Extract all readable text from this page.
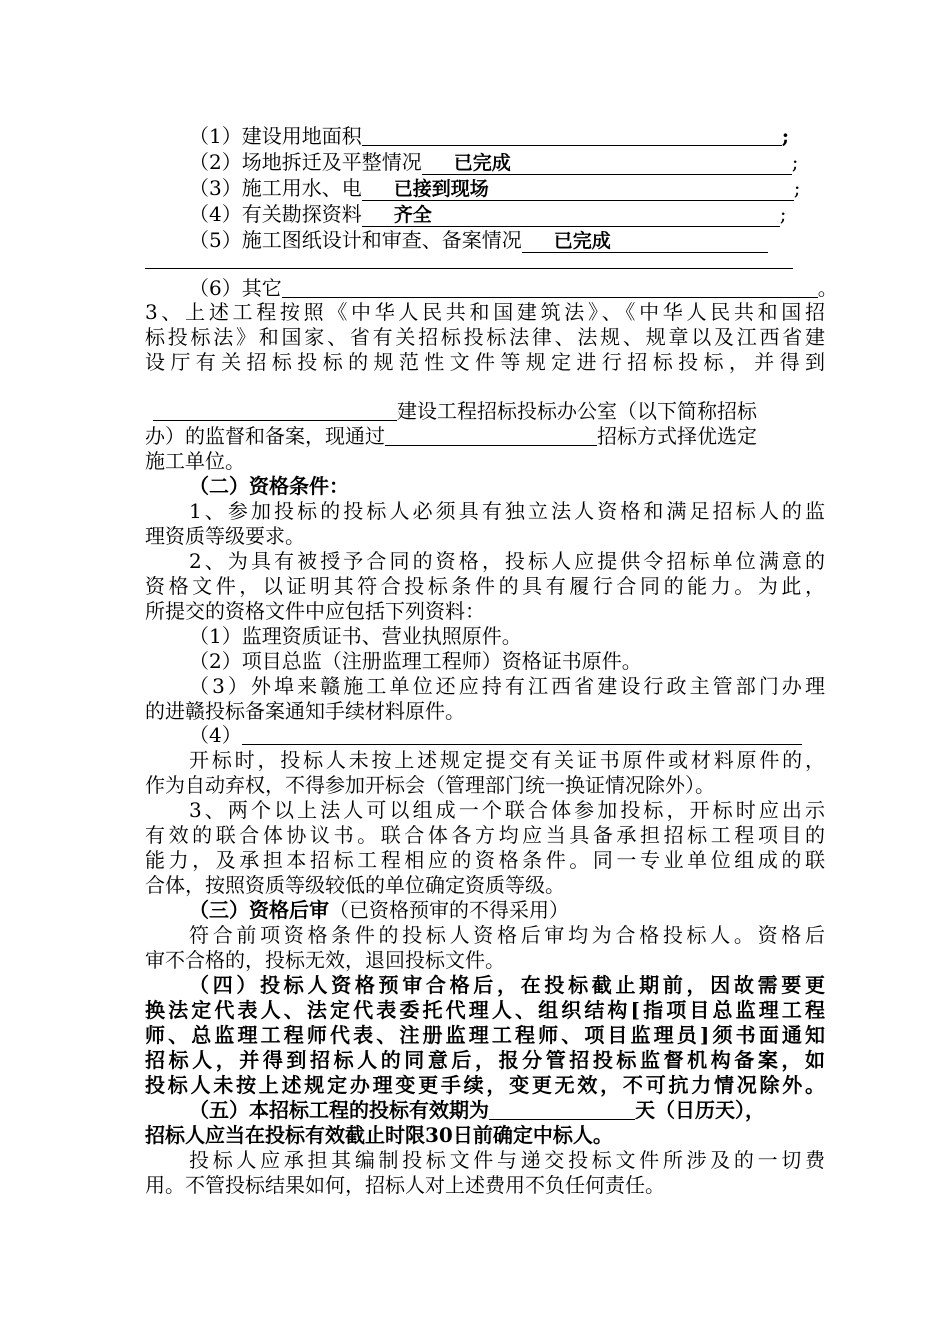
（1）建设用地面积	;
（2）场地拆迁及平整情况 已完成	;
（3）施工用水、电 已接到现场	;
（4）有关勘探资料 齐全	;
（5）施工图纸设计和审查、备案情况 已完成
（6）其它	。
3、上述工程按照《中华人民共和国建筑法》、《中华人民共和国招
标投标法》和国家、省有关招标投标法律、法规、规章以及江西省建
设厅有关招标投标的规范性文件等规定进行招标投标，并得到
建设工程招标投标办公室（以下简称招标
办）的监督和备案，现通过	招标方式择优选定
施工单位。
（二）资格条件：
1、参加投标的投标人必须具有独立法人资格和满足招标人的监
理资质等级要求。
2、为具有被授予合同的资格，投标人应提供令招标单位满意的
资格文件，以证明其符合投标条件的具有履行合同的能力。为此，
所提交的资格文件中应包括下列资料：
（1）监理资质证书、营业执照原件。
（2）项目总监（注册监理工程师）资格证书原件。
（3）外埠来赣施工单位还应持有江西省建设行政主管部门办理
的进赣投标备案通知手续材料原件。
（4）
开标时，投标人未按上述规定提交有关证书原件或材料原件的，
作为自动弃权，不得参加开标会（管理部门统一换证情况除外）。
3、两个以上法人可以组成一个联合体参加投标，开标时应出示
有效的联合体协议书。联合体各方均应当具备承担招标工程项目的
能力，及承担本招标工程相应的资格条件。同一专业单位组成的联
合体，按照资质等级较低的单位确定资质等级。
（三）资格后审（已资格预审的不得采用）
符合前项资格条件的投标人资格后审均为合格投标人。资格后
审不合格的，投标无效，退回投标文件。
（四）投标人资格预审合格后，在投标截止期前，因故需要更
换法定代表人、法定代表委托代理人、组织结构[指项目总监理工程
师、总监理工程师代表、注册监理工程师、项目监理员]须书面通知
招标人，并得到招标人的同意后，报分管招投标监督机构备案，如
投标人未按上述规定办理变更手续，变更无效，不可抗力情况除外。
（五）本招标工程的投标有效期为	天（日历天），
招标人应当在投标有效截止时限30日前确定中标人。
投标人应承担其编制投标文件与递交投标文件所涉及的一切费
用。不管投标结果如何，招标人对上述费用不负任何责任。
